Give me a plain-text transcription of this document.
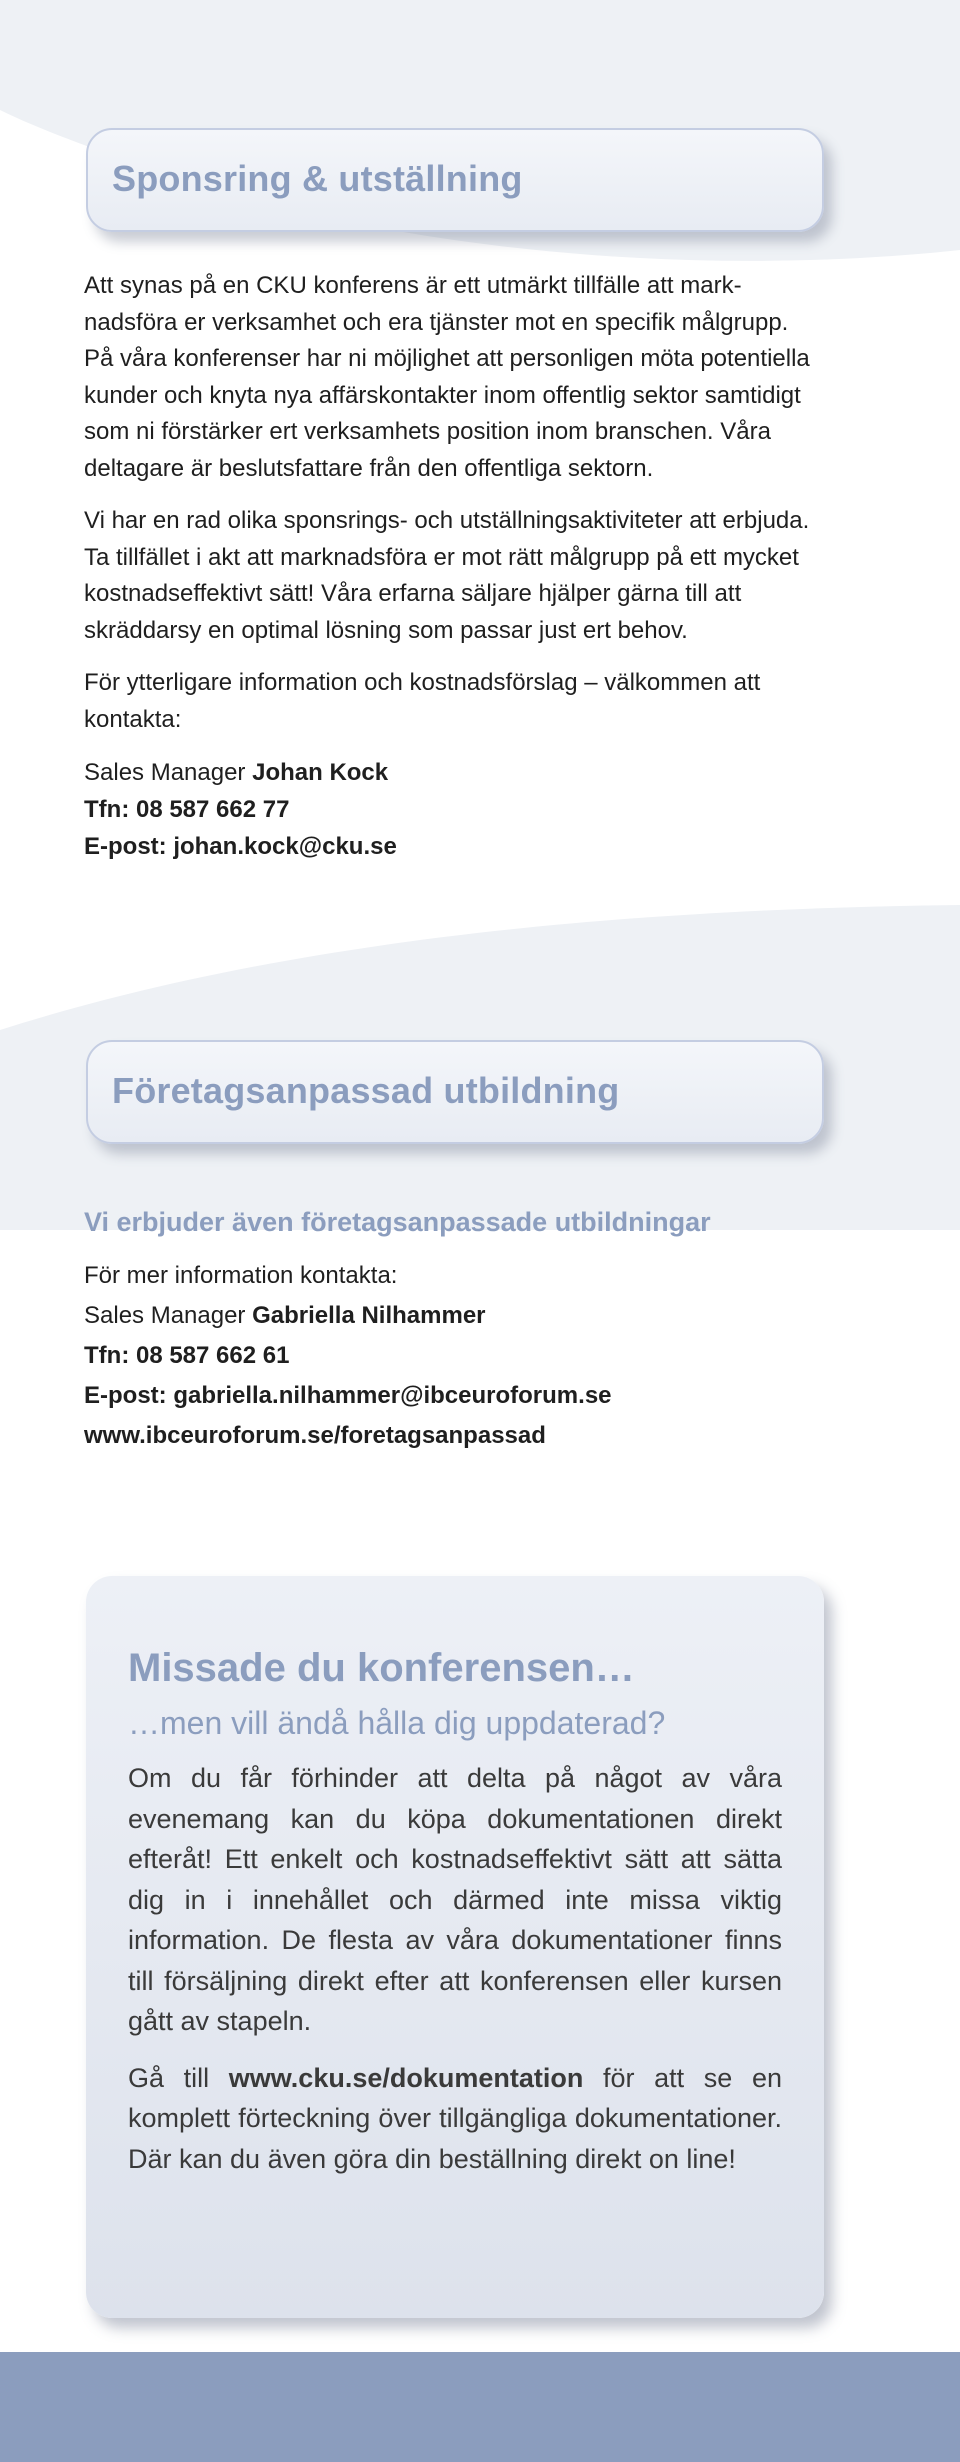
Sponsring & utställning

Att synas på en CKU konferens är ett utmärkt tillfälle att marknadsföra er verksamhet och era tjänster mot en specifik målgrupp. På våra konferenser har ni möjlighet att personligen möta potentiella kunder och knyta nya affärskontakter inom offentlig sektor samtidigt som ni förstärker ert verksamhets position inom branschen. Våra deltagare är beslutsfattare från den offentliga sektorn.

Vi har en rad olika sponsrings- och utställningsaktiviteter att erbjuda. Ta tillfället i akt att marknadsföra er mot rätt målgrupp på ett mycket kostnadseffektivt sätt! Våra erfarna säljare hjälper gärna till att skräddarsy en optimal lösning som passar just ert behov.

För ytterligare information och kostnadsförslag – välkommen att kontakta:

Sales Manager Johan Kock

Tfn: 08 587 662 77

E-post: johan.kock@cku.se

Företagsanpassad utbildning

Vi erbjuder även företagsanpassade utbildningar

För mer information kontakta:

Sales Manager Gabriella Nilhammer

Tfn: 08 587 662 61

E-post: gabriella.nilhammer@ibceuroforum.se

www.ibceuroforum.se/foretagsanpassad

Missade du konferensen…
…men vill ändå hålla dig uppdaterad?

Om du får förhinder att delta på något av våra evenemang kan du köpa dokumentationen direkt efteråt! Ett enkelt och kostnadseffektivt sätt att sätta dig in i innehållet och därmed inte missa viktig information. De flesta av våra dokumentationer finns till försäljning direkt efter att konferensen eller kursen gått av stapeln.

Gå till www.cku.se/dokumentation för att se en komplett förteckning över tillgängliga dokumentationer. Där kan du även göra din beställning direkt on line!
